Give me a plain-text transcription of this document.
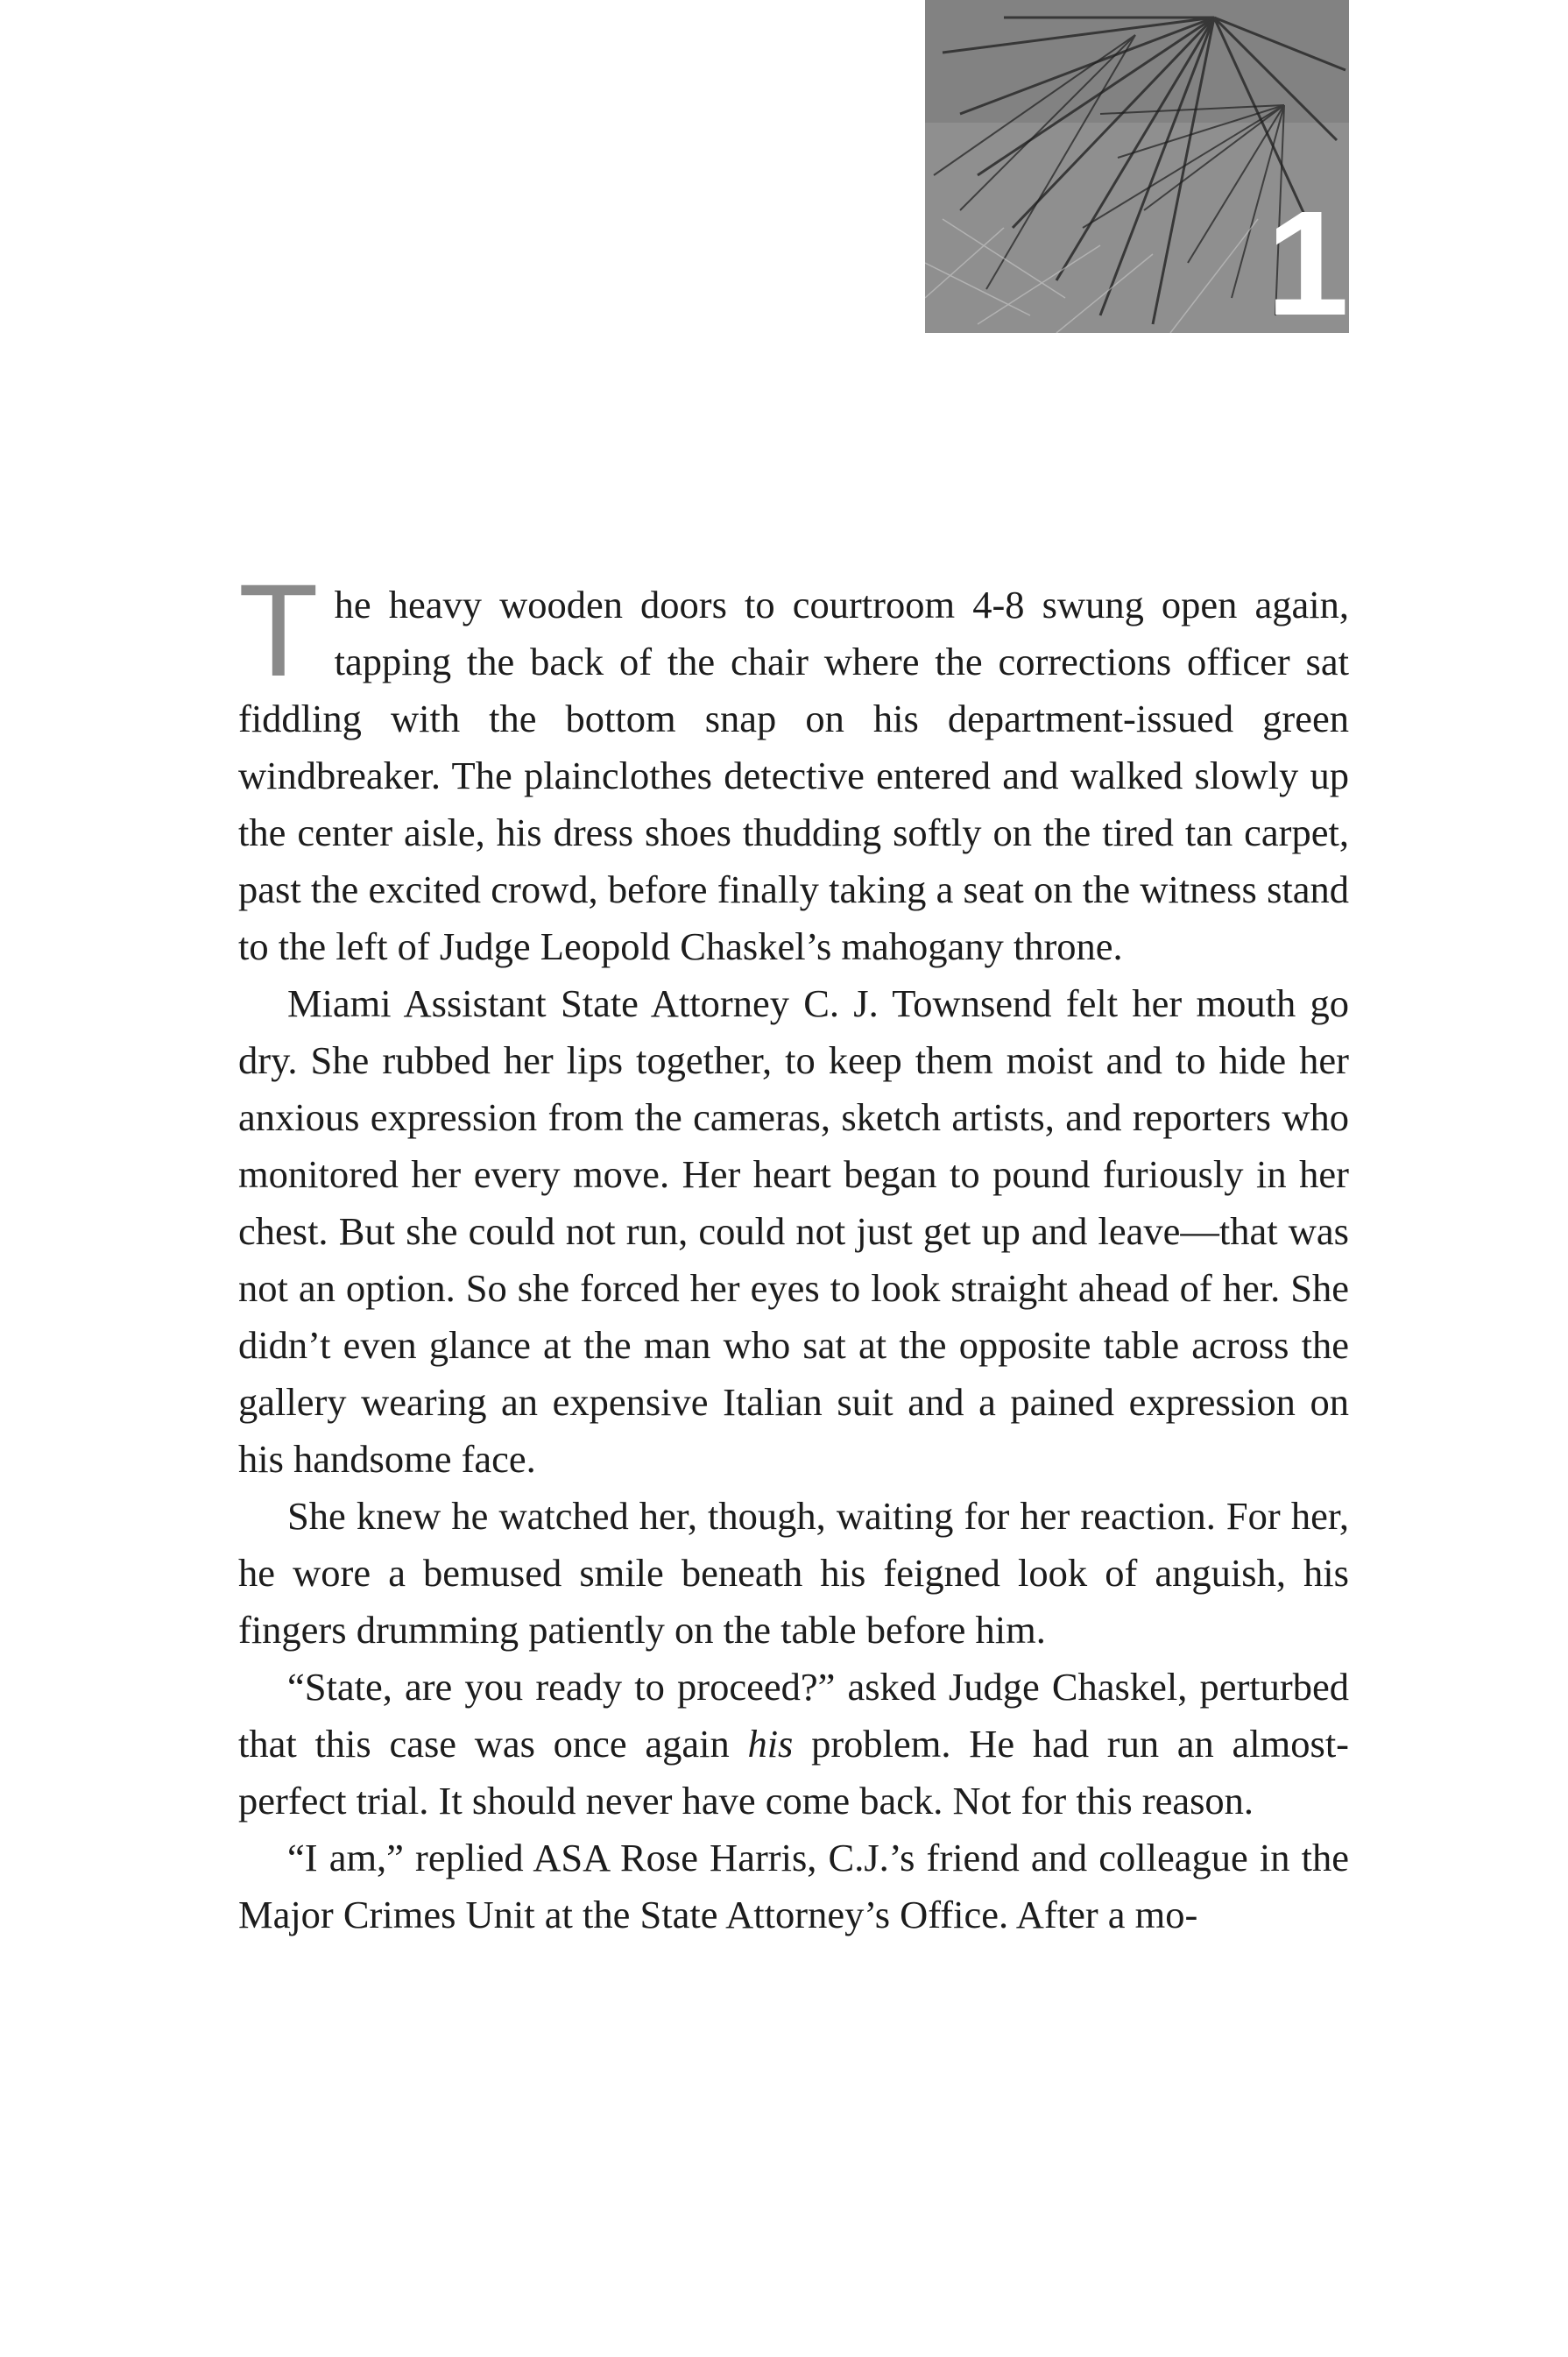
1

The heavy wooden doors to courtroom 4-8 swung open again, tapping the back of the chair where the corrections officer sat fiddling with the bottom snap on his department-issued green windbreaker. The plainclothes detective entered and walked slowly up the center aisle, his dress shoes thudding softly on the tired tan carpet, past the excited crowd, before finally taking a seat on the witness stand to the left of Judge Leopold Chaskel’s mahogany throne.

Miami Assistant State Attorney C. J. Townsend felt her mouth go dry. She rubbed her lips together, to keep them moist and to hide her anxious expression from the cameras, sketch artists, and reporters who monitored her every move. Her heart began to pound furiously in her chest. But she could not run, could not just get up and leave—that was not an option. So she forced her eyes to look straight ahead of her. She didn’t even glance at the man who sat at the opposite table across the gallery wearing an expensive Italian suit and a pained expression on his handsome face.

She knew he watched her, though, waiting for her reaction. For her, he wore a bemused smile beneath his feigned look of anguish, his fingers drumming patiently on the table before him.

“State, are you ready to proceed?” asked Judge Chaskel, perturbed that this case was once again his problem. He had run an almost-perfect trial. It should never have come back. Not for this reason.

“I am,” replied ASA Rose Harris, C.J.’s friend and colleague in the Major Crimes Unit at the State Attorney’s Office. After a mo-
